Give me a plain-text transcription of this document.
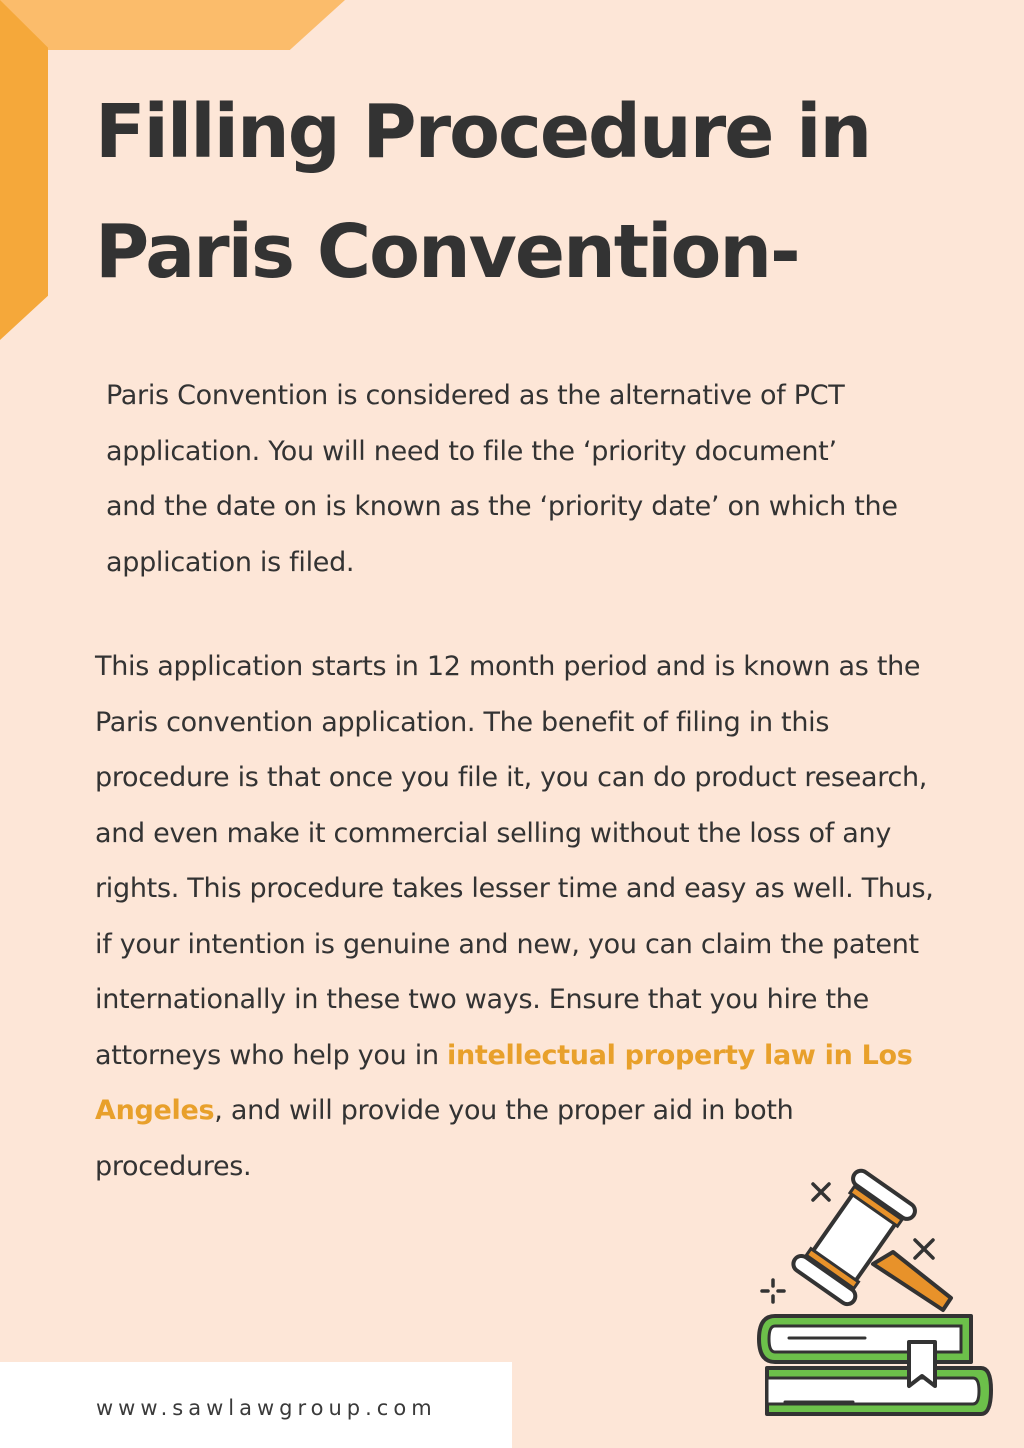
Filling Procedure in
Paris Convention-

Paris Convention is considered as the alternative of PCT
application. You will need to file the ‘priority document’
and the date on is known as the ‘priority date’ on which the
application is filed.

This application starts in 12 month period and is known as the
Paris convention application. The benefit of filing in this
procedure is that once you file it, you can do product research,
and even make it commercial selling without the loss of any
rights. This procedure takes lesser time and easy as well. Thus,
if your intention is genuine and new, you can claim the patent
internationally in these two ways. Ensure that you hire the
attorneys who help you in intellectual property law in Los
Angeles, and will provide you the proper aid in both
procedures.

www.sawlawgroup.com
